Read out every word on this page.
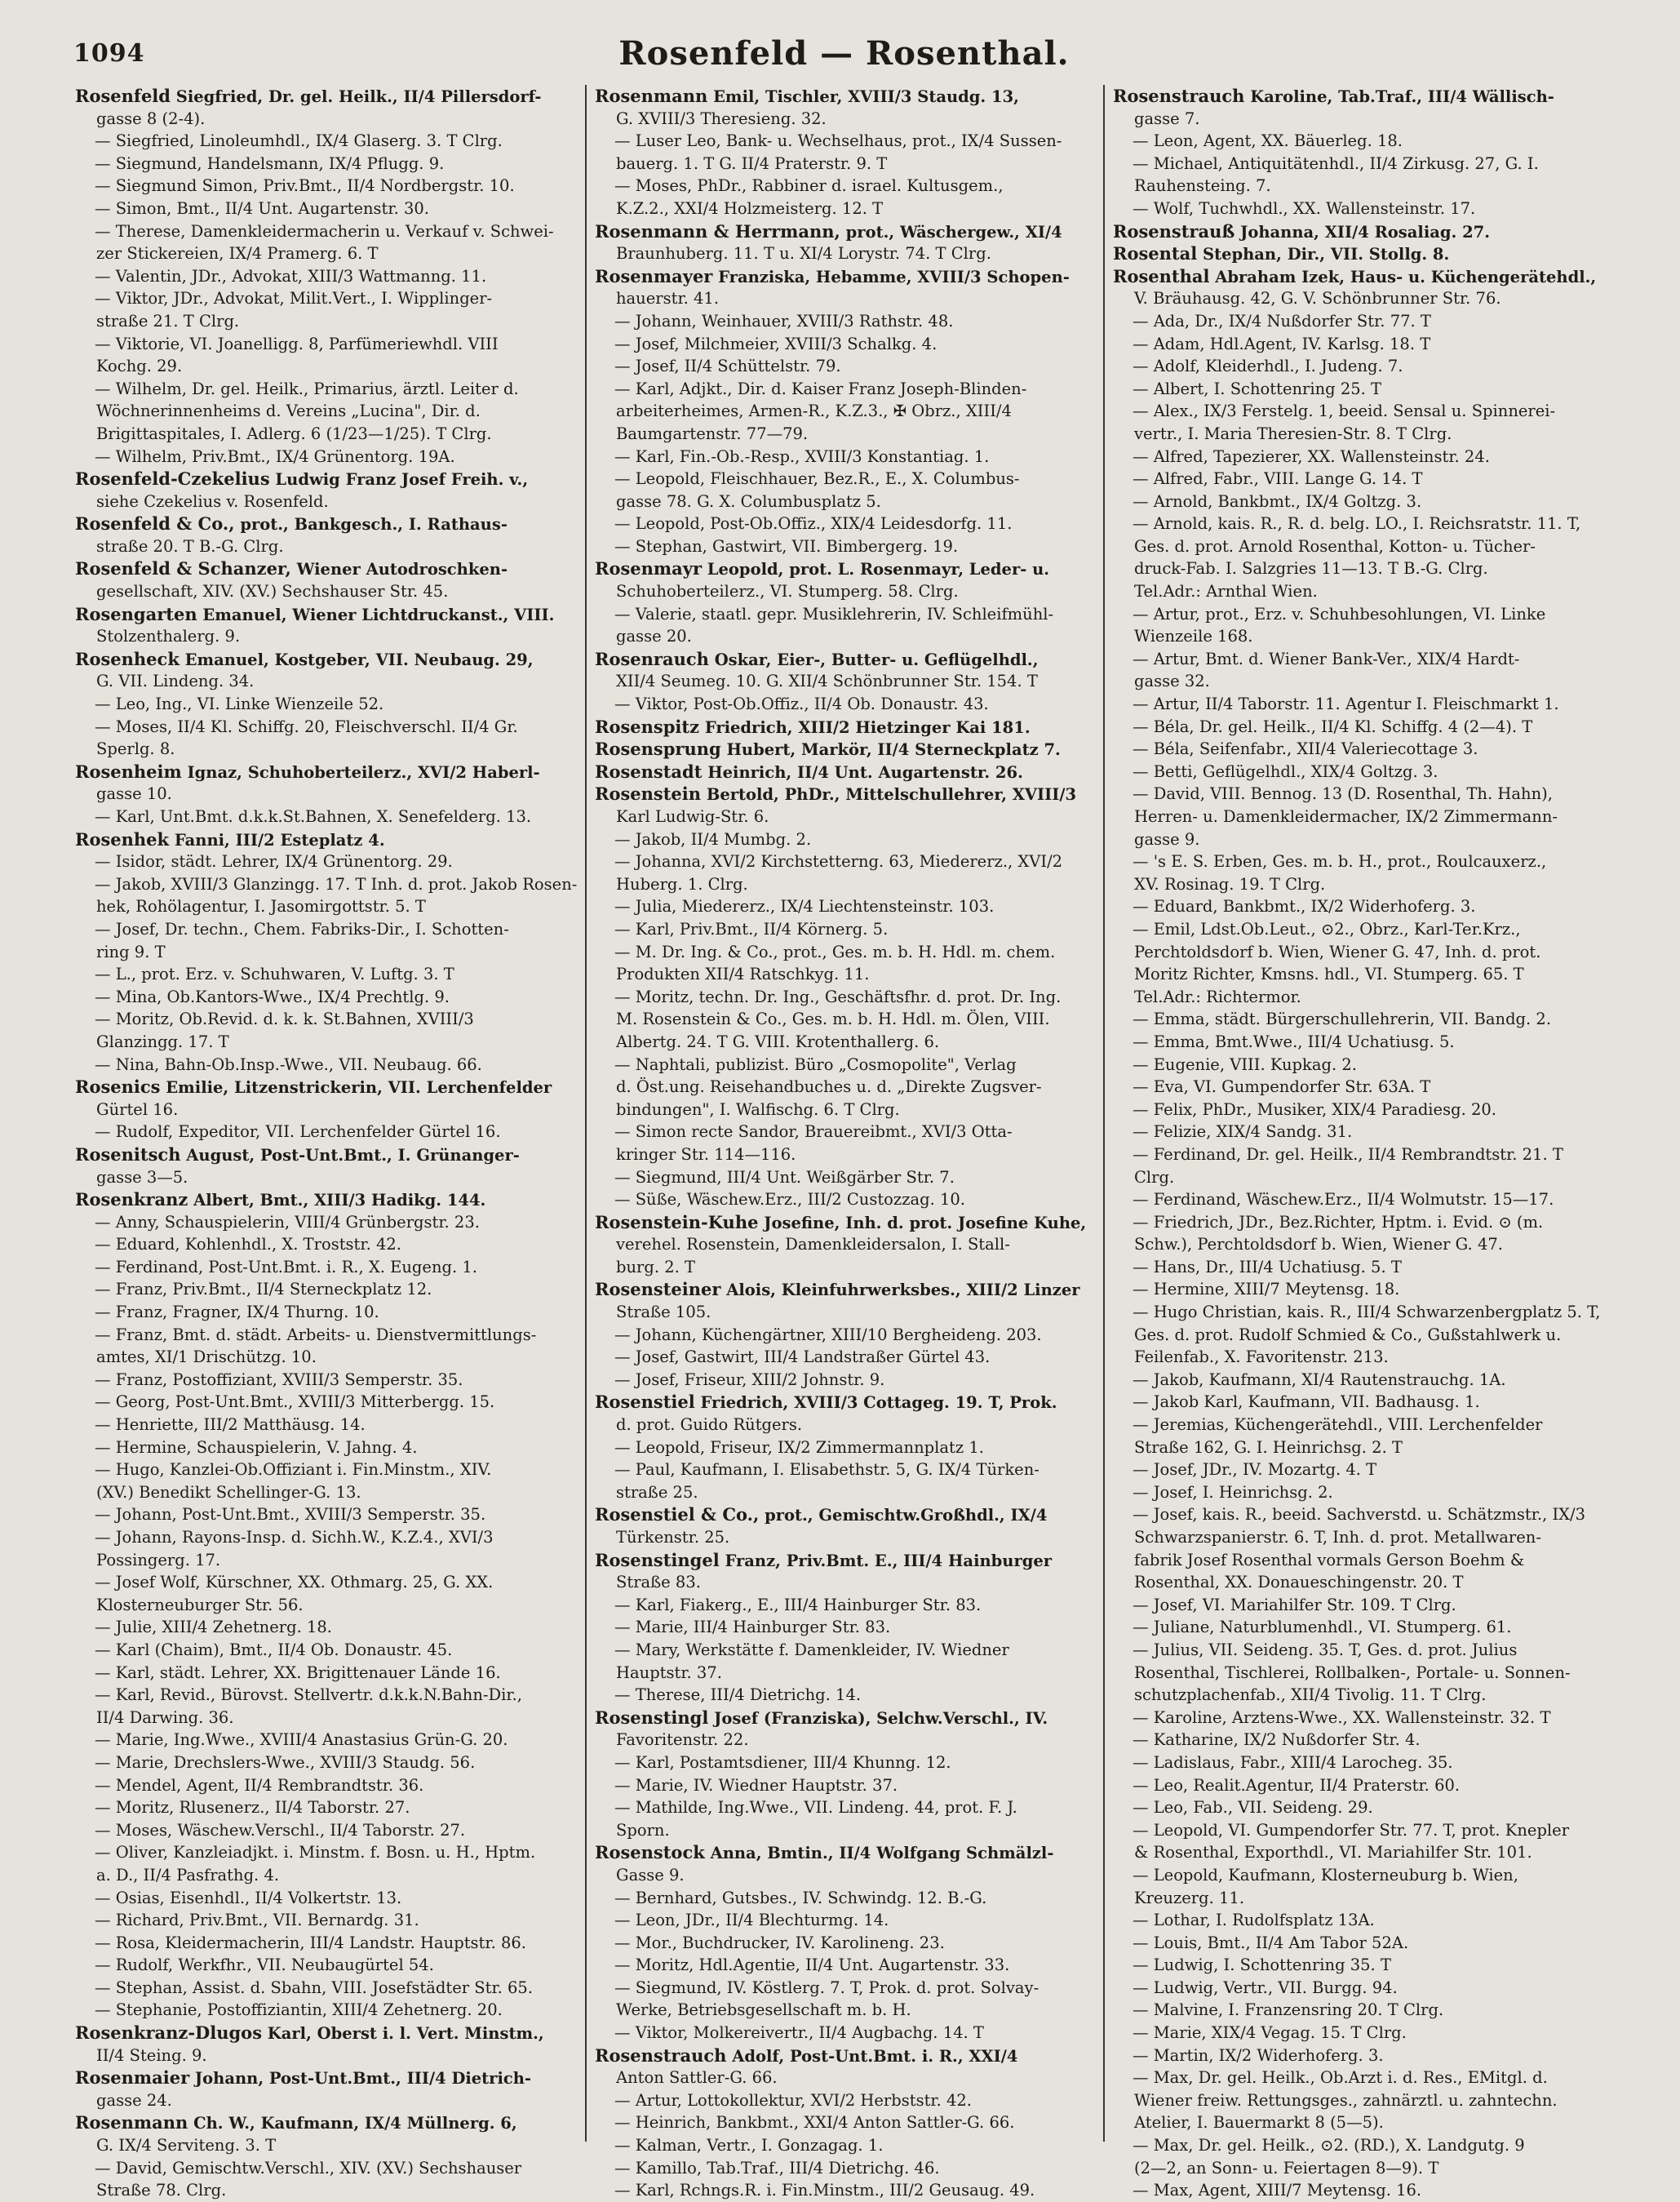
1094	Rosenfeld — Rosenthal.
Rosenfeld Siegfried, Dr. gel. Heilk., II/4 Pillersdorf-
gasse 8 (2-4).
— Siegfried, Linoleumhdl., IX/4 Glaserg. 3. T Clrg.
— Siegmund, Handelsmann, IX/4 Pflugg. 9.
— Siegmund Simon, Priv.Bmt., II/4 Nordbergstr. 10.
— Simon, Bmt., II/4 Unt. Augartenstr. 30.
— Therese, Damenkleidermacherin u. Verkauf v. Schwei-
zer Stickereien, IX/4 Pramerg. 6. T
— Valentin, JDr., Advokat, XIII/3 Wattmanng. 11.
— Viktor, JDr., Advokat, Milit.Vert., I. Wipplinger-
straße 21. T Clrg.
— Viktorie, VI. Joanelligg. 8, Parfümeriewhdl. VIII
Kochg. 29.
— Wilhelm, Dr. gel. Heilk., Primarius, ärztl. Leiter d.
Wöchnerinnenheims d. Vereins „Lucina", Dir. d.
Brigittaspitales, I. Adlerg. 6 (1/23—1/25). T Clrg.
— Wilhelm, Priv.Bmt., IX/4 Grünentorg. 19A.
Rosenfeld-Czekelius Ludwig Franz Josef Freih. v.,
siehe Czekelius v. Rosenfeld.
Rosenfeld & Co., prot., Bankgesch., I. Rathaus-
straße 20. T B.-G. Clrg.
Rosenfeld & Schanzer, Wiener Autodroschken-
gesellschaft, XIV. (XV.) Sechshauser Str. 45.
Rosengarten Emanuel, Wiener Lichtdruckanst., VIII.
Stolzenthalerg. 9.
Rosenheck Emanuel, Kostgeber, VII. Neubaug. 29,
G. VII. Lindeng. 34.
— Leo, Ing., VI. Linke Wienzeile 52.
— Moses, II/4 Kl. Schiffg. 20, Fleischverschl. II/4 Gr.
Sperlg. 8.
Rosenheim Ignaz, Schuhoberteilerz., XVI/2 Haberl-
gasse 10.
— Karl, Unt.Bmt. d.k.k.St.Bahnen, X. Senefelderg. 13.
Rosenhek Fanni, III/2 Esteplatz 4.
— Isidor, städt. Lehrer, IX/4 Grünentorg. 29.
— Jakob, XVIII/3 Glanzingg. 17. T Inh. d. prot. Jakob Rosen-
hek, Rohölagentur, I. Jasomirgottstr. 5. T
— Josef, Dr. techn., Chem. Fabriks-Dir., I. Schotten-
ring 9. T
— L., prot. Erz. v. Schuhwaren, V. Luftg. 3. T
— Mina, Ob.Kantors-Wwe., IX/4 Prechtlg. 9.
— Moritz, Ob.Revid. d. k. k. St.Bahnen, XVIII/3
Glanzingg. 17. T
— Nina, Bahn-Ob.Insp.-Wwe., VII. Neubaug. 66.
Rosenics Emilie, Litzenstrickerin, VII. Lerchenfelder
Gürtel 16.
— Rudolf, Expeditor, VII. Lerchenfelder Gürtel 16.
Rosenitsch August, Post-Unt.Bmt., I. Grünanger-
gasse 3—5.
Rosenkranz Albert, Bmt., XIII/3 Hadikg. 144.
— Anny, Schauspielerin, VIII/4 Grünbergstr. 23.
— Eduard, Kohlenhdl., X. Troststr. 42.
— Ferdinand, Post-Unt.Bmt. i. R., X. Eugeng. 1.
— Franz, Priv.Bmt., II/4 Sterneckplatz 12.
— Franz, Fragner, IX/4 Thurng. 10.
— Franz, Bmt. d. städt. Arbeits- u. Dienstvermittlungs-
amtes, XI/1 Drischützg. 10.
— Franz, Postoffiziant, XVIII/3 Semperstr. 35.
— Georg, Post-Unt.Bmt., XVIII/3 Mitterbergg. 15.
— Henriette, III/2 Matthäusg. 14.
— Hermine, Schauspielerin, V. Jahng. 4.
— Hugo, Kanzlei-Ob.Offiziant i. Fin.Minstm., XIV.
(XV.) Benedikt Schellinger-G. 13.
— Johann, Post-Unt.Bmt., XVIII/3 Semperstr. 35.
— Johann, Rayons-Insp. d. Sichh.W., K.Z.4., XVI/3
Possingerg. 17.
— Josef Wolf, Kürschner, XX. Othmarg. 25, G. XX.
Klosterneuburger Str. 56.
— Julie, XIII/4 Zehetnerg. 18.
— Karl (Chaim), Bmt., II/4 Ob. Donaustr. 45.
— Karl, städt. Lehrer, XX. Brigittenauer Lände 16.
— Karl, Revid., Bürovst. Stellvertr. d.k.k.N.Bahn-Dir.,
II/4 Darwing. 36.
— Marie, Ing.Wwe., XVIII/4 Anastasius Grün-G. 20.
— Marie, Drechslers-Wwe., XVIII/3 Staudg. 56.
— Mendel, Agent, II/4 Rembrandtstr. 36.
— Moritz, Rlusenerz., II/4 Taborstr. 27.
— Moses, Wäschew.Verschl., II/4 Taborstr. 27.
— Oliver, Kanzleiadjkt. i. Minstm. f. Bosn. u. H., Hptm.
a. D., II/4 Pasfrathg. 4.
— Osias, Eisenhdl., II/4 Volkertstr. 13.
— Richard, Priv.Bmt., VII. Bernardg. 31.
— Rosa, Kleidermacherin, III/4 Landstr. Hauptstr. 86.
— Rudolf, Werkfhr., VII. Neubaugürtel 54.
— Stephan, Assist. d. Sbahn, VIII. Josefstädter Str. 65.
— Stephanie, Postoffiziantin, XIII/4 Zehetnerg. 20.
Rosenkranz-Dlugos Karl, Oberst i. l. Vert. Minstm.,
II/4 Steing. 9.
Rosenmaier Johann, Post-Unt.Bmt., III/4 Dietrich-
gasse 24.
Rosenmann Ch. W., Kaufmann, IX/4 Müllnerg. 6,
G. IX/4 Serviteng. 3. T
— David, Gemischtw.Verschl., XIV. (XV.) Sechshauser
Straße 78. Clrg.
Rosenmann Emil, Tischler, XVIII/3 Staudg. 13,
G. XVIII/3 Theresieng. 32.
— Luser Leo, Bank- u. Wechselhaus, prot., IX/4 Sussen-
bauerg. 1. T G. II/4 Praterstr. 9. T
— Moses, PhDr., Rabbiner d. israel. Kultusgem.,
K.Z.2., XXI/4 Holzmeisterg. 12. T
Rosenmann & Herrmann, prot., Wäschergew., XI/4
Braunhuberg. 11. T u. XI/4 Lorystr. 74. T Clrg.
Rosenmayer Franziska, Hebamme, XVIII/3 Schopen-
hauerstr. 41.
— Johann, Weinhauer, XVIII/3 Rathstr. 48.
— Josef, Milchmeier, XVIII/3 Schalkg. 4.
— Josef, II/4 Schüttelstr. 79.
— Karl, Adjkt., Dir. d. Kaiser Franz Joseph-Blinden-
arbeiterheimes, Armen-R., K.Z.3., ✠ Obrz., XIII/4
Baumgartenstr. 77—79.
— Karl, Fin.-Ob.-Resp., XVIII/3 Konstantiag. 1.
— Leopold, Fleischhauer, Bez.R., E., X. Columbus-
gasse 78. G. X. Columbusplatz 5.
— Leopold, Post-Ob.Offiz., XIX/4 Leidesdorfg. 11.
— Stephan, Gastwirt, VII. Bimbergerg. 19.
Rosenmayr Leopold, prot. L. Rosenmayr, Leder- u.
Schuhoberteilerz., VI. Stumperg. 58. Clrg.
— Valerie, staatl. gepr. Musiklehrerin, IV. Schleifmühl-
gasse 20.
Rosenrauch Oskar, Eier-, Butter- u. Geflügelhdl.,
XII/4 Seumeg. 10. G. XII/4 Schönbrunner Str. 154. T
— Viktor, Post-Ob.Offiz., II/4 Ob. Donaustr. 43.
Rosenspitz Friedrich, XIII/2 Hietzinger Kai 181.
Rosensprung Hubert, Markör, II/4 Sterneckplatz 7.
Rosenstadt Heinrich, II/4 Unt. Augartenstr. 26.
Rosenstein Bertold, PhDr., Mittelschullehrer, XVIII/3
Karl Ludwig-Str. 6.
— Jakob, II/4 Mumbg. 2.
— Johanna, XVI/2 Kirchstetterng. 63, Miedererz., XVI/2
Huberg. 1. Clrg.
— Julia, Miedererz., IX/4 Liechtensteinstr. 103.
— Karl, Priv.Bmt., II/4 Körnerg. 5.
— M. Dr. Ing. & Co., prot., Ges. m. b. H. Hdl. m. chem.
Produkten XII/4 Ratschkyg. 11.
— Moritz, techn. Dr. Ing., Geschäftsfhr. d. prot. Dr. Ing.
M. Rosenstein & Co., Ges. m. b. H. Hdl. m. Ölen, VIII.
Albertg. 24. T G. VIII. Krotenthallerg. 6.
— Naphtali, publizist. Büro „Cosmopolite", Verlag
d. Öst.ung. Reisehandbuches u. d. „Direkte Zugsver-
bindungen", I. Walfischg. 6. T Clrg.
— Simon recte Sandor, Brauereibmt., XVI/3 Otta-
kringer Str. 114—116.
— Siegmund, III/4 Unt. Weißgärber Str. 7.
— Süße, Wäschew.Erz., III/2 Custozzag. 10.
Rosenstein-Kuhe Josefine, Inh. d. prot. Josefine Kuhe,
verehel. Rosenstein, Damenkleidersalon, I. Stall-
burg. 2. T
Rosensteiner Alois, Kleinfuhrwerksbes., XIII/2 Linzer
Straße 105.
— Johann, Küchengärtner, XIII/10 Bergheideng. 203.
— Josef, Gastwirt, III/4 Landstraßer Gürtel 43.
— Josef, Friseur, XIII/2 Johnstr. 9.
Rosenstiel Friedrich, XVIII/3 Cottageg. 19. T, Prok.
d. prot. Guido Rütgers.
— Leopold, Friseur, IX/2 Zimmermannplatz 1.
— Paul, Kaufmann, I. Elisabethstr. 5, G. IX/4 Türken-
straße 25.
Rosenstiel & Co., prot., Gemischtw.Großhdl., IX/4
Türkenstr. 25.
Rosenstingel Franz, Priv.Bmt. E., III/4 Hainburger
Straße 83.
— Karl, Fiakerg., E., III/4 Hainburger Str. 83.
— Marie, III/4 Hainburger Str. 83.
— Mary, Werkstätte f. Damenkleider, IV. Wiedner
Hauptstr. 37.
— Therese, III/4 Dietrichg. 14.
Rosenstingl Josef (Franziska), Selchw.Verschl., IV.
Favoritenstr. 22.
— Karl, Postamtsdiener, III/4 Khunng. 12.
— Marie, IV. Wiedner Hauptstr. 37.
— Mathilde, Ing.Wwe., VII. Lindeng. 44, prot. F. J.
Sporn.
Rosenstock Anna, Bmtin., II/4 Wolfgang Schmälzl-
Gasse 9.
— Bernhard, Gutsbes., IV. Schwindg. 12. B.-G.
— Leon, JDr., II/4 Blechturmg. 14.
— Mor., Buchdrucker, IV. Karolineng. 23.
— Moritz, Hdl.Agentie, II/4 Unt. Augartenstr. 33.
— Siegmund, IV. Köstlerg. 7. T, Prok. d. prot. Solvay-
Werke, Betriebsgesellschaft m. b. H.
— Viktor, Molkereivertr., II/4 Augbachg. 14. T
Rosenstrauch Adolf, Post-Unt.Bmt. i. R., XXI/4
Anton Sattler-G. 66.
— Artur, Lottokollektur, XVI/2 Herbststr. 42.
— Heinrich, Bankbmt., XXI/4 Anton Sattler-G. 66.
— Kalman, Vertr., I. Gonzagag. 1.
— Kamillo, Tab.Traf., III/4 Dietrichg. 46.
— Karl, Rchngs.R. i. Fin.Minstm., III/2 Geusaug. 49.
Rosenstrauch Karoline, Tab.Traf., III/4 Wällisch-
gasse 7.
— Leon, Agent, XX. Bäuerleg. 18.
— Michael, Antiquitätenhdl., II/4 Zirkusg. 27, G. I.
Rauhensteing. 7.
— Wolf, Tuchwhdl., XX. Wallensteinstr. 17.
Rosenstrauß Johanna, XII/4 Rosaliag. 27.
Rosental Stephan, Dir., VII. Stollg. 8.
Rosenthal Abraham Izek, Haus- u. Küchengerätehdl.,
V. Bräuhausg. 42, G. V. Schönbrunner Str. 76.
— Ada, Dr., IX/4 Nußdorfer Str. 77. T
— Adam, Hdl.Agent, IV. Karlsg. 18. T
— Adolf, Kleiderhdl., I. Judeng. 7.
— Albert, I. Schottenring 25. T
— Alex., IX/3 Ferstelg. 1, beeid. Sensal u. Spinnerei-
vertr., I. Maria Theresien-Str. 8. T Clrg.
— Alfred, Tapezierer, XX. Wallensteinstr. 24.
— Alfred, Fabr., VIII. Lange G. 14. T
— Arnold, Bankbmt., IX/4 Goltzg. 3.
— Arnold, kais. R., R. d. belg. LO., I. Reichsratstr. 11. T,
Ges. d. prot. Arnold Rosenthal, Kotton- u. Tücher-
druck-Fab. I. Salzgries 11—13. T B.-G. Clrg.
Tel.Adr.: Arnthal Wien.
— Artur, prot., Erz. v. Schuhbesohlungen, VI. Linke
Wienzeile 168.
— Artur, Bmt. d. Wiener Bank-Ver., XIX/4 Hardt-
gasse 32.
— Artur, II/4 Taborstr. 11. Agentur I. Fleischmarkt 1.
— Béla, Dr. gel. Heilk., II/4 Kl. Schiffg. 4 (2—4). T
— Béla, Seifenfabr., XII/4 Valeriecottage 3.
— Betti, Geflügelhdl., XIX/4 Goltzg. 3.
— David, VIII. Bennog. 13 (D. Rosenthal, Th. Hahn),
Herren- u. Damenkleidermacher, IX/2 Zimmermann-
gasse 9.
— 's E. S. Erben, Ges. m. b. H., prot., Roulcauxerz.,
XV. Rosinag. 19. T Clrg.
— Eduard, Bankbmt., IX/2 Widerhoferg. 3.
— Emil, Ldst.Ob.Leut., ⊙2., Obrz., Karl-Ter.Krz.,
Perchtoldsdorf b. Wien, Wiener G. 47, Inh. d. prot.
Moritz Richter, Kmsns. hdl., VI. Stumperg. 65. T
Tel.Adr.: Richtermor.
— Emma, städt. Bürgerschullehrerin, VII. Bandg. 2.
— Emma, Bmt.Wwe., III/4 Uchatiusg. 5.
— Eugenie, VIII. Kupkag. 2.
— Eva, VI. Gumpendorfer Str. 63A. T
— Felix, PhDr., Musiker, XIX/4 Paradiesg. 20.
— Felizie, XIX/4 Sandg. 31.
— Ferdinand, Dr. gel. Heilk., II/4 Rembrandtstr. 21. T
Clrg.
— Ferdinand, Wäschew.Erz., II/4 Wolmutstr. 15—17.
— Friedrich, JDr., Bez.Richter, Hptm. i. Evid. ⊙ (m.
Schw.), Perchtoldsdorf b. Wien, Wiener G. 47.
— Hans, Dr., III/4 Uchatiusg. 5. T
— Hermine, XIII/7 Meytensg. 18.
— Hugo Christian, kais. R., III/4 Schwarzenbergplatz 5. T,
Ges. d. prot. Rudolf Schmied & Co., Gußstahlwerk u.
Feilenfab., X. Favoritenstr. 213.
— Jakob, Kaufmann, XI/4 Rautenstrauchg. 1A.
— Jakob Karl, Kaufmann, VII. Badhausg. 1.
— Jeremias, Küchengerätehdl., VIII. Lerchenfelder
Straße 162, G. I. Heinrichsg. 2. T
— Josef, JDr., IV. Mozartg. 4. T
— Josef, I. Heinrichsg. 2.
— Josef, kais. R., beeid. Sachverstd. u. Schätzmstr., IX/3
Schwarzspanierstr. 6. T, Inh. d. prot. Metallwaren-
fabrik Josef Rosenthal vormals Gerson Boehm &
Rosenthal, XX. Donaueschingenstr. 20. T
— Josef, VI. Mariahilfer Str. 109. T Clrg.
— Juliane, Naturblumenhdl., VI. Stumperg. 61.
— Julius, VII. Seideng. 35. T, Ges. d. prot. Julius
Rosenthal, Tischlerei, Rollbalken-, Portale- u. Sonnen-
schutzplachenfab., XII/4 Tivolig. 11. T Clrg.
— Karoline, Arztens-Wwe., XX. Wallensteinstr. 32. T
— Katharine, IX/2 Nußdorfer Str. 4.
— Ladislaus, Fabr., XIII/4 Larocheg. 35.
— Leo, Realit.Agentur, II/4 Praterstr. 60.
— Leo, Fab., VII. Seideng. 29.
— Leopold, VI. Gumpendorfer Str. 77. T, prot. Knepler
& Rosenthal, Exporthdl., VI. Mariahilfer Str. 101.
— Leopold, Kaufmann, Klosterneuburg b. Wien,
Kreuzerg. 11.
— Lothar, I. Rudolfsplatz 13A.
— Louis, Bmt., II/4 Am Tabor 52A.
— Ludwig, I. Schottenring 35. T
— Ludwig, Vertr., VII. Burgg. 94.
— Malvine, I. Franzensring 20. T Clrg.
— Marie, XIX/4 Vegag. 15. T Clrg.
— Martin, IX/2 Widerhoferg. 3.
— Max, Dr. gel. Heilk., Ob.Arzt i. d. Res., EMitgl. d.
Wiener freiw. Rettungsges., zahnärztl. u. zahntechn.
Atelier, I. Bauermarkt 8 (5—5).
— Max, Dr. gel. Heilk., ⊙2. (RD.), X. Landgutg. 9
(2—2, an Sonn- u. Feiertagen 8—9). T
— Max, Agent, XIII/7 Meytensg. 16.
